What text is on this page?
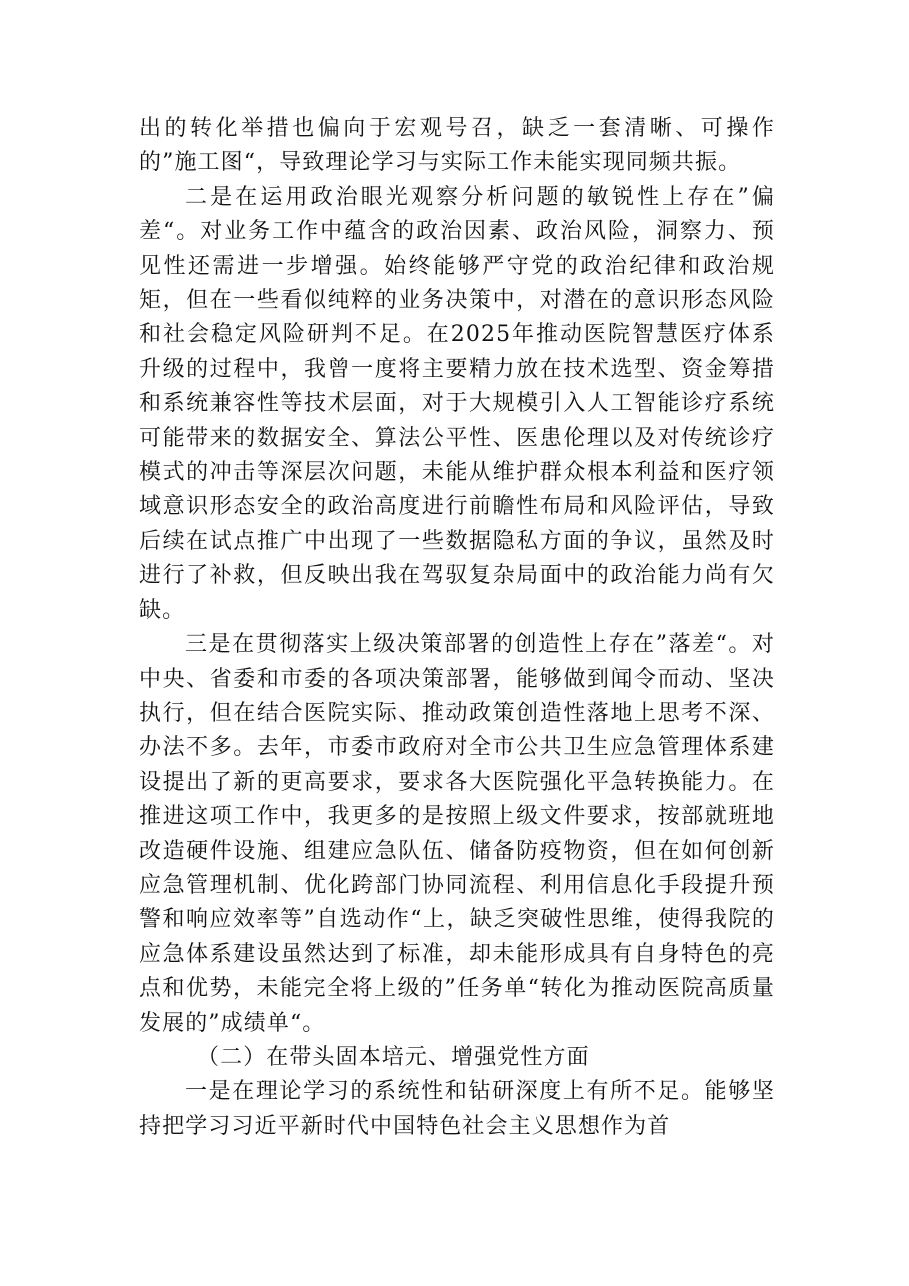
出的转化举措也偏向于宏观号召，缺乏一套清晰、可操作的”施工图“，导致理论学习与实际工作未能实现同频共振。

二是在运用政治眼光观察分析问题的敏锐性上存在”偏差“。对业务工作中蕴含的政治因素、政治风险，洞察力、预见性还需进一步增强。始终能够严守党的政治纪律和政治规矩，但在一些看似纯粹的业务决策中，对潜在的意识形态风险和社会稳定风险研判不足。在2025年推动医院智慧医疗体系升级的过程中，我曾一度将主要精力放在技术选型、资金筹措和系统兼容性等技术层面，对于大规模引入人工智能诊疗系统可能带来的数据安全、算法公平性、医患伦理以及对传统诊疗模式的冲击等深层次问题，未能从维护群众根本利益和医疗领域意识形态安全的政治高度进行前瞻性布局和风险评估，导致后续在试点推广中出现了一些数据隐私方面的争议，虽然及时进行了补救，但反映出我在驾驭复杂局面中的政治能力尚有欠缺。

三是在贯彻落实上级决策部署的创造性上存在”落差“。对中央、省委和市委的各项决策部署，能够做到闻令而动、坚决执行，但在结合医院实际、推动政策创造性落地上思考不深、办法不多。去年，市委市政府对全市公共卫生应急管理体系建设提出了新的更高要求，要求各大医院强化平急转换能力。在推进这项工作中，我更多的是按照上级文件要求，按部就班地改造硬件设施、组建应急队伍、储备防疫物资，但在如何创新应急管理机制、优化跨部门协同流程、利用信息化手段提升预警和响应效率等”自选动作“上，缺乏突破性思维，使得我院的应急体系建设虽然达到了标准，却未能形成具有自身特色的亮点和优势，未能完全将上级的”任务单“转化为推动医院高质量发展的”成绩单“。

（二）在带头固本培元、增强党性方面

一是在理论学习的系统性和钻研深度上有所不足。能够坚持把学习习近平新时代中国特色社会主义思想作为首
